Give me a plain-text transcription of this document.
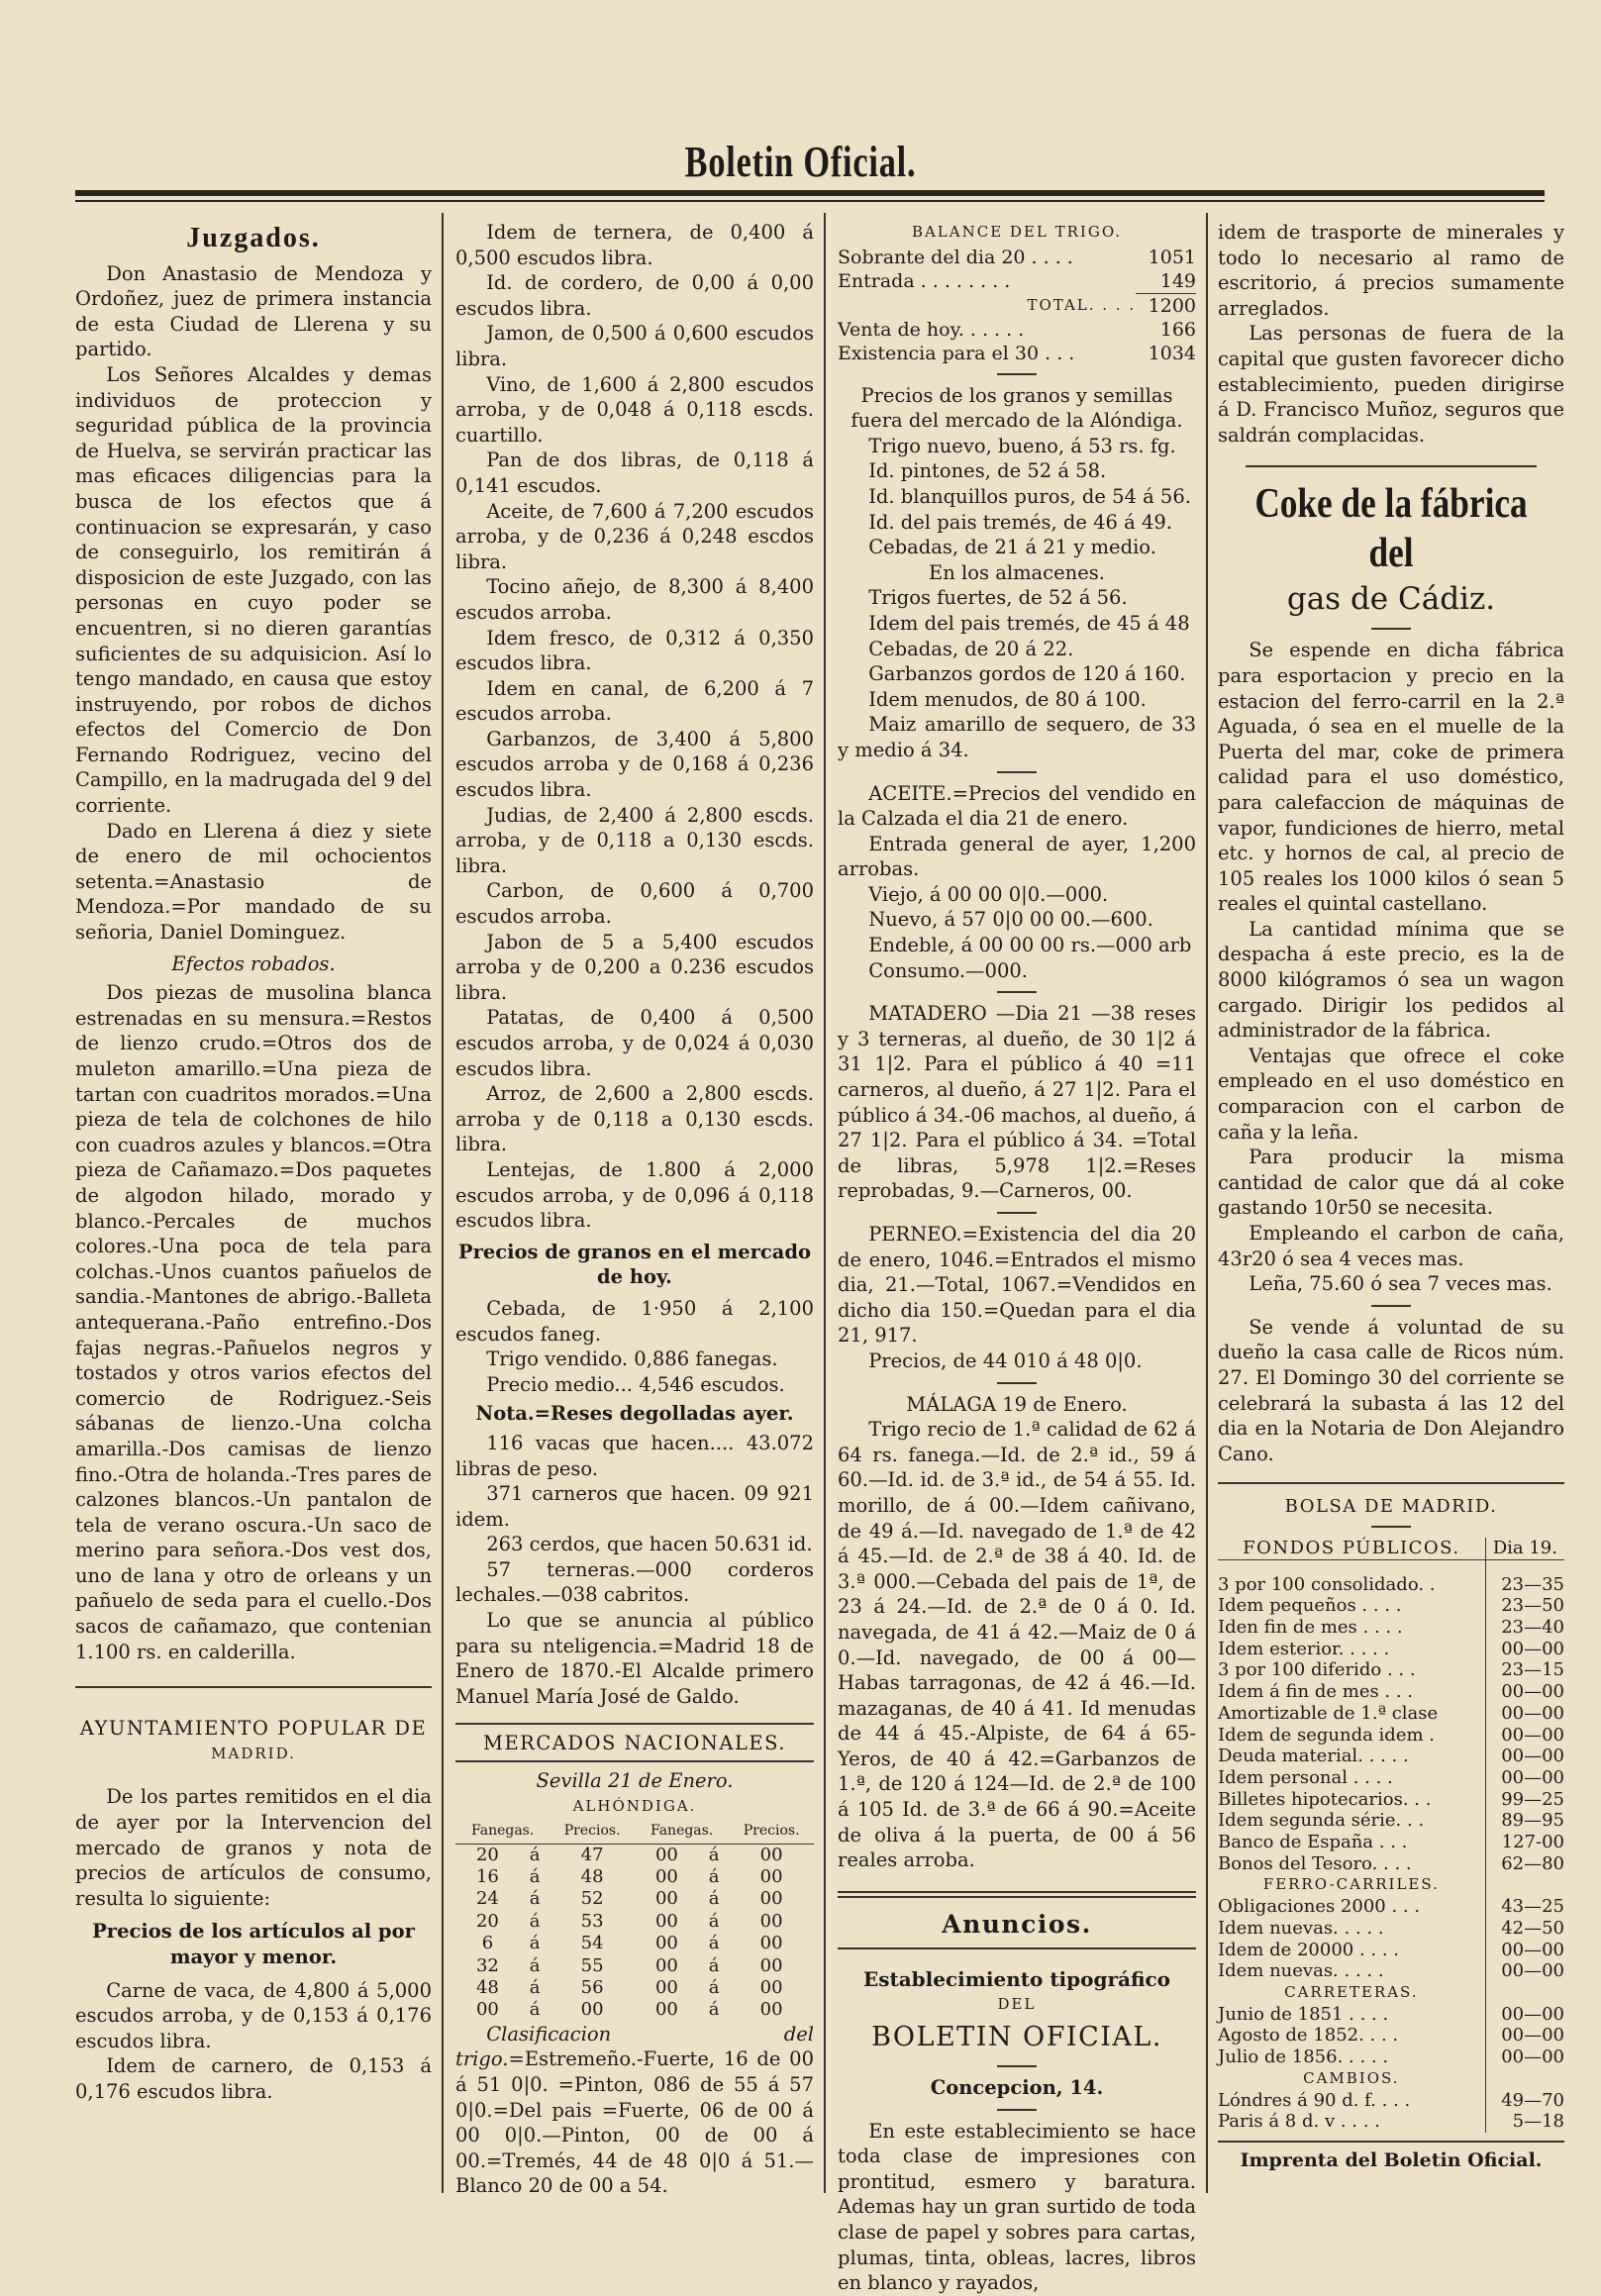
Boletin Oficial.

Juzgados.

Don Anastasio de Mendoza y Ordoñez, juez de primera instancia de esta Ciudad de Llerena y su partido.

Los Señores Alcaldes y demas individuos de proteccion y seguridad pública de la provincia de Huelva, se servirán practicar las mas eficaces diligencias para la busca de los efectos que á continuacion se expresarán, y caso de conseguirlo, los remitirán á disposicion de este Juzgado, con las personas en cuyo poder se encuentren, si no dieren garantías suficientes de su adquisicion. Así lo tengo mandado, en causa que estoy instruyendo, por robos de dichos efectos del Comercio de Don Fernando Rodriguez, vecino del Campillo, en la madrugada del 9 del corriente.

Dado en Llerena á diez y siete de enero de mil ochocientos setenta.=Anastasio de Mendoza.=Por mandado de su señoria, Daniel Dominguez.

Efectos robados.

Dos piezas de musolina blanca estrenadas en su mensura.=Restos de lienzo crudo.=Otros dos de muleton amarillo.=Una pieza de tartan con cuadritos morados.=Una pieza de tela de colchones de hilo con cuadros azules y blancos.=Otra pieza de Cañamazo.=Dos paquetes de algodon hilado, morado y blanco.-Percales de muchos colores.-Una poca de tela para colchas.-Unos cuantos pañuelos de sandia.-Mantones de abrigo.-Balleta antequerana.-Paño entrefino.-Dos fajas negras.-Pañuelos negros y tostados y otros varios efectos del comercio de Rodriguez.-Seis sábanas de lienzo.-Una colcha amarilla.-Dos camisas de lienzo fino.-Otra de holanda.-Tres pares de calzones blancos.-Un pantalon de tela de verano oscura.-Un saco de merino para señora.-Dos vest dos, uno de lana y otro de orleans y un pañuelo de seda para el cuello.-Dos sacos de cañamazo, que contenian 1.100 rs. en calderilla.

AYUNTAMIENTO POPULAR DE

MADRID.

De los partes remitidos en el dia de ayer por la Intervencion del mercado de granos y nota de precios de artículos de consumo, resulta lo siguiente:

Precios de los artículos al por mayor y menor.

Carne de vaca, de 4,800 á 5,000 escudos arroba, y de 0,153 á 0,176 escudos libra.

Idem de carnero, de 0,153 á 0,176 escudos libra.

Idem de ternera, de 0,400 á 0,500 escudos libra.

Id. de cordero, de 0,00 á 0,00 escudos libra.

Jamon, de 0,500 á 0,600 escudos libra.

Vino, de 1,600 á 2,800 escudos arroba, y de 0,048 á 0,118 escds. cuartillo.

Pan de dos libras, de 0,118 á 0,141 escudos.

Aceite, de 7,600 á 7,200 escudos arroba, y de 0,236 á 0,248 escdos libra.

Tocino añejo, de 8,300 á 8,400 escudos arroba.

Idem fresco, de 0,312 á 0,350 escudos libra.

Idem en canal, de 6,200 á 7 escudos arroba.

Garbanzos, de 3,400 á 5,800 escudos arroba y de 0,168 á 0,236 escudos libra.

Judias, de 2,400 á 2,800 escds. arroba, y de 0,118 a 0,130 escds. libra.

Carbon, de 0,600 á 0,700 escudos arroba.

Jabon de 5 a 5,400 escudos arroba y de 0,200 a 0.236 escudos libra.

Patatas, de 0,400 á 0,500 escudos arroba, y de 0,024 á 0,030 escudos libra.

Arroz, de 2,600 a 2,800 escds. arroba y de 0,118 a 0,130 escds. libra.

Lentejas, de 1.800 á 2,000 escudos arroba, y de 0,096 á 0,118 escudos libra.

Precios de granos en el mercado de hoy.

Cebada, de 1·950 á 2,100 escudos faneg.

Trigo vendido. 0,886 fanegas.

Precio medio... 4,546 escudos.

Nota.=Reses degolladas ayer.

116 vacas que hacen.... 43.072 libras de peso.

371 carneros que hacen. 09 921 idem.

263 cerdos, que hacen 50.631 id.

57 terneras.—000 corderos lechales.—038 cabritos.

Lo que se anuncia al público para su nteligencia.=Madrid 18 de Enero de 1870.-El Alcalde primero Manuel María José de Galdo.

MERCADOS NACIONALES.

Sevilla 21 de Enero.

ALHÓNDIGA.

Fanegas.		Precios.	Fanegas.		Precios.
20	á	47	00	á	00
16	á	48	00	á	00
24	á	52	00	á	00
20	á	53	00	á	00
6	á	54	00	á	00
32	á	55	00	á	00
48	á	56	00	á	00
00	á	00	00	á	00

Clasificacion del trigo.=Estremeño.-Fuerte, 16 de 00 á 51 0|0. =Pinton, 086 de 55 á 57 0|0.=Del pais =Fuerte, 06 de 00 á 00 0|0.—Pinton, 00 de 00 á 00.=Tremés, 44 de 48 0|0 á 51.—Blanco 20 de 00 a 54.

BALANCE DEL TRIGO.

Sobrante del dia 20 . . . .	1051
Entrada . . . . . . . .	149
TOTAL. . . .	1200
Venta de hoy. . . . . .	166
Existencia para el 30 . . .	1034

Precios de los granos y semillas fuera del mercado de la Alóndiga.

Trigo nuevo, bueno, á 53 rs. fg.

Id. pintones, de 52 á 58.

Id. blanquillos puros, de 54 á 56.

Id. del pais tremés, de 46 á 49.

Cebadas, de 21 á 21 y medio.

En los almacenes.

Trigos fuertes, de 52 á 56.

Idem del pais tremés, de 45 á 48

Cebadas, de 20 á 22.

Garbanzos gordos de 120 á 160.

Idem menudos, de 80 á 100.

Maiz amarillo de sequero, de 33 y medio á 34.

ACEITE.=Precios del vendido en la Calzada el dia 21 de enero.

Entrada general de ayer, 1,200 arrobas.

Viejo, á 00 00 0|0.—000.

Nuevo, á 57 0|0 00 00.—600.

Endeble, á 00 00 00 rs.—000 arb

Consumo.—000.

MATADERO —Dia 21 —38 reses y 3 terneras, al dueño, de 30 1|2 á 31 1|2. Para el público á 40 =11 carneros, al dueño, á 27 1|2. Para el público á 34.-06 machos, al dueño, á 27 1|2. Para el público á 34. =Total de libras, 5,978 1|2.=Reses reprobadas, 9.—Carneros, 00.

PERNEO.=Existencia del dia 20 de enero, 1046.=Entrados el mismo dia, 21.—Total, 1067.=Vendidos en dicho dia 150.=Quedan para el dia 21, 917.

Precios, de 44 010 á 48 0|0.

MÁLAGA 19 de Enero.

Trigo recio de 1.ª calidad de 62 á 64 rs. fanega.—Id. de 2.ª id., 59 á 60.—Id. id. de 3.ª id., de 54 á 55. Id. morillo, de á 00.—Idem cañivano, de 49 á.—Id. navegado de 1.ª de 42 á 45.—Id. de 2.ª de 38 á 40. Id. de 3.ª 000.—Cebada del pais de 1ª, de 23 á 24.—Id. de 2.ª de 0 á 0. Id. navegada, de 41 á 42.—Maiz de 0 á 0.—Id. navegado, de 00 á 00—Habas tarragonas, de 42 á 46.—Id. mazaganas, de 40 á 41. Id menudas de 44 á 45.-Alpiste, de 64 á 65-Yeros, de 40 á 42.=Garbanzos de 1.ª, de 120 á 124—Id. de 2.ª de 100 á 105 Id. de 3.ª de 66 á 90.=Aceite de oliva á la puerta, de 00 á 56 reales arroba.

Anuncios.

Establecimiento tipográfico

DEL

BOLETIN OFICIAL.

Concepcion, 14.

En este establecimiento se hace toda clase de impresiones con prontitud, esmero y baratura. Ademas hay un gran surtido de toda clase de papel y sobres para cartas, plumas, tinta, obleas, lacres, libros en blanco y rayados,

idem de trasporte de minerales y todo lo necesario al ramo de escritorio, á precios sumamente arreglados.

Las personas de fuera de la capital que gusten favorecer dicho establecimiento, pueden dirigirse á D. Francisco Muñoz, seguros que saldrán complacidas.

Coke de la fábrica del

gas de Cádiz.

Se espende en dicha fábrica para esportacion y precio en la estacion del ferro-carril en la 2.ª Aguada, ó sea en el muelle de la Puerta del mar, coke de primera calidad para el uso doméstico, para calefaccion de máquinas de vapor, fundiciones de hierro, metal etc. y hornos de cal, al precio de 105 reales los 1000 kilos ó sean 5 reales el quintal castellano.

La cantidad mínima que se despacha á este precio, es la de 8000 kilógramos ó sea un wagon cargado. Dirigir los pedidos al administrador de la fábrica.

Ventajas que ofrece el coke empleado en el uso doméstico en comparacion con el carbon de caña y la leña.

Para producir la misma cantidad de calor que dá al coke gastando 10r50 se necesita.

Empleando el carbon de caña, 43r20 ó sea 4 veces mas.

Leña, 75.60 ó sea 7 veces mas.

Se vende á voluntad de su dueño la casa calle de Ricos núm. 27. El Domingo 30 del corriente se celebrará la subasta á las 12 del dia en la Notaria de Don Alejandro Cano.

BOLSA DE MADRID.

FONDOS PÚBLICOS.	Dia 19.
3 por 100 consolidado. .	23—35
Idem pequeños . . . .	23—50
Iden fin de mes . . . .	23—40
Idem esterior. . . . .	00—00
3 por 100 diferido . . .	23—15
Idem á fin de mes . . .	00—00
Amortizable de 1.ª clase	00—00
Idem de segunda idem .	00—00
Deuda material. . . . .	00—00
Idem personal . . . .	00—00
Billetes hipotecarios. . .	99—25
Idem segunda série. . .	89—95
Banco de España . . .	127-00
Bonos del Tesoro. . . .	62—80
FERRO-CARRILES.	
Obligaciones 2000 . . .	43—25
Idem nuevas. . . . .	42—50
Idem de 20000 . . . .	00—00
Idem nuevas. . . . .	00—00
CARRETERAS.	
Junio de 1851 . . . .	00—00
Agosto de 1852. . . .	00—00
Julio de 1856. . . . .	00—00
CAMBIOS.	
Lóndres á 90 d. f. . . .	49—70
Paris á 8 d. v . . . .	5—18

Imprenta del Boletin Oficial.
